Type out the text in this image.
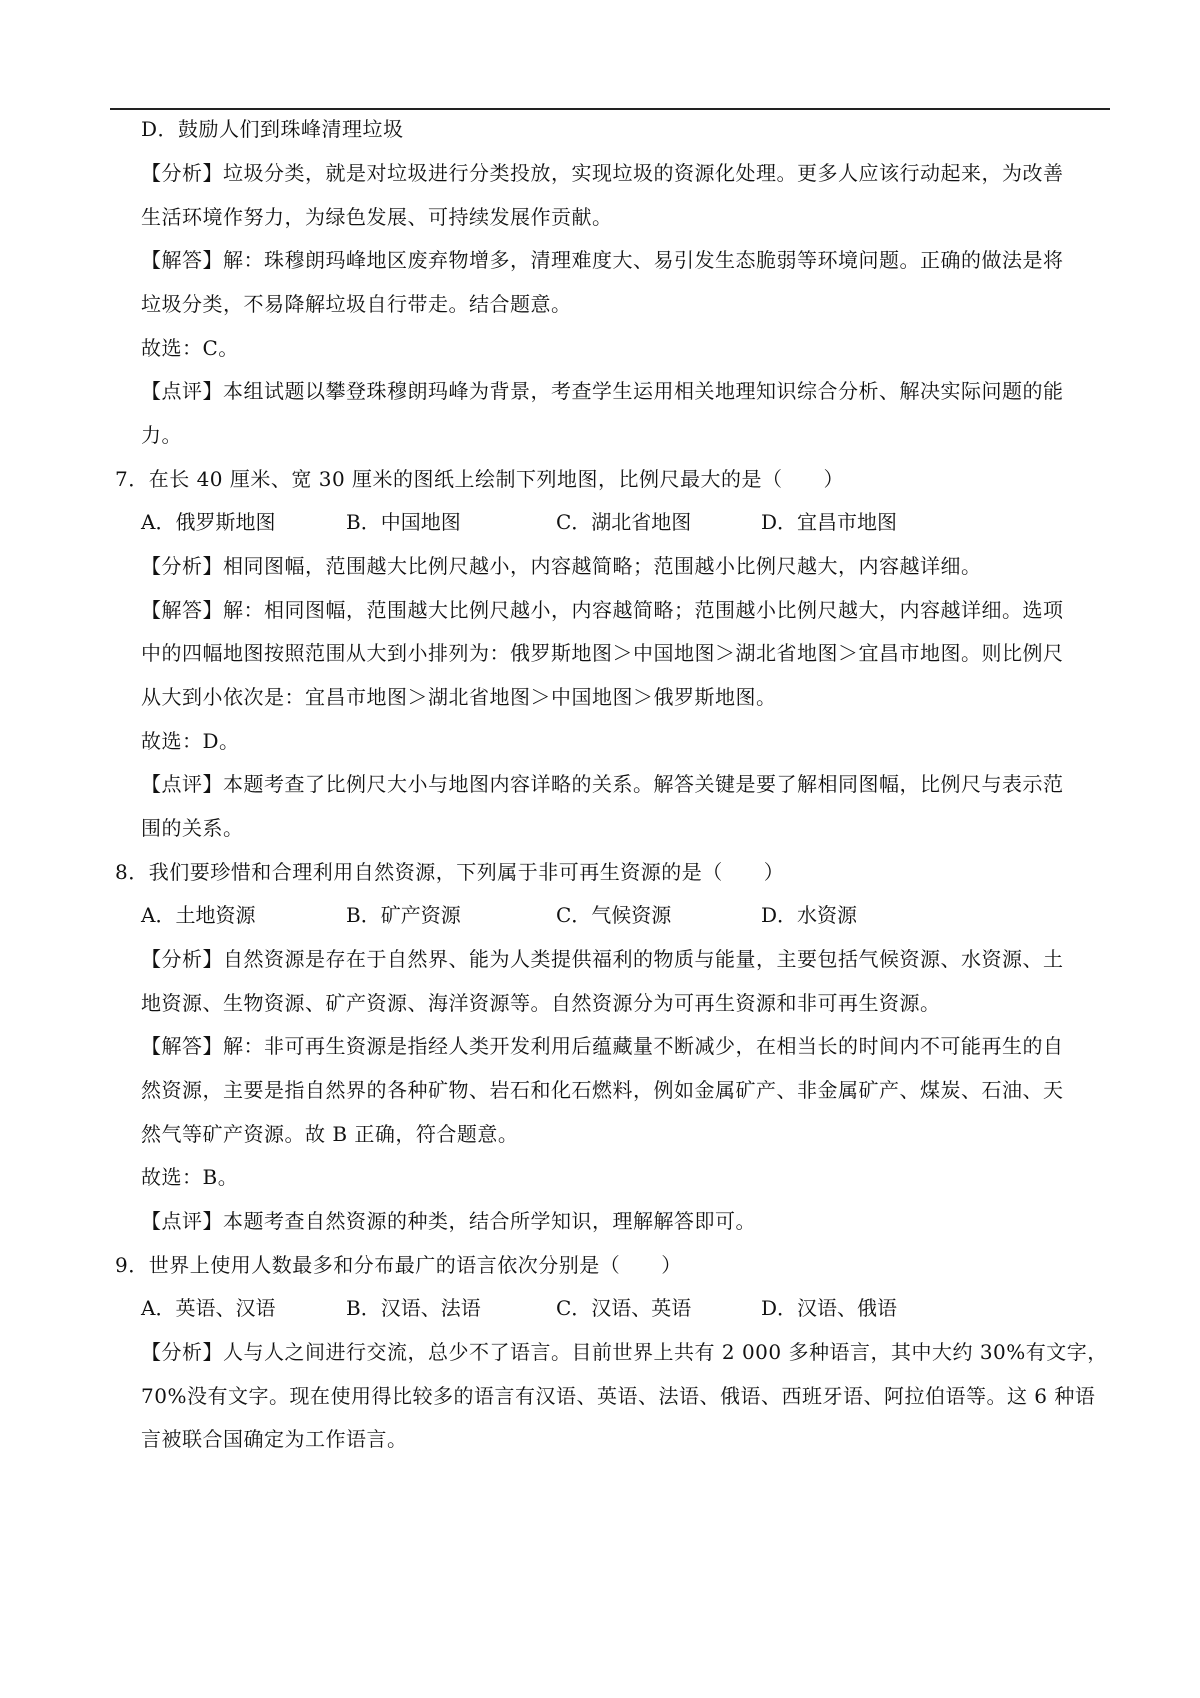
D．鼓励人们到珠峰清理垃圾
【分析】垃圾分类，就是对垃圾进行分类投放，实现垃圾的资源化处理。更多人应该行动起来，为改善
生活环境作努力，为绿色发展、可持续发展作贡献。
【解答】解：珠穆朗玛峰地区废弃物增多，清理难度大、易引发生态脆弱等环境问题。正确的做法是将
垃圾分类，不易降解垃圾自行带走。结合题意。
故选：C。
【点评】本组试题以攀登珠穆朗玛峰为背景，考查学生运用相关地理知识综合分析、解决实际问题的能
力。
7．在长 40 厘米、宽 30 厘米的图纸上绘制下列地图，比例尺最大的是（　　）
A．俄罗斯地图	B．中国地图	C．湖北省地图	D．宜昌市地图
【分析】相同图幅，范围越大比例尺越小，内容越简略；范围越小比例尺越大，内容越详细。
【解答】解：相同图幅，范围越大比例尺越小，内容越简略；范围越小比例尺越大，内容越详细。选项
中的四幅地图按照范围从大到小排列为：俄罗斯地图＞中国地图＞湖北省地图＞宜昌市地图。则比例尺
从大到小依次是：宜昌市地图＞湖北省地图＞中国地图＞俄罗斯地图。
故选：D。
【点评】本题考查了比例尺大小与地图内容详略的关系。解答关键是要了解相同图幅，比例尺与表示范
围的关系。
8．我们要珍惜和合理利用自然资源，下列属于非可再生资源的是（　　）
A．土地资源	B．矿产资源	C．气候资源	D．水资源
【分析】自然资源是存在于自然界、能为人类提供福利的物质与能量，主要包括气候资源、水资源、土
地资源、生物资源、矿产资源、海洋资源等。自然资源分为可再生资源和非可再生资源。
【解答】解：非可再生资源是指经人类开发利用后蕴藏量不断减少，在相当长的时间内不可能再生的自
然资源，主要是指自然界的各种矿物、岩石和化石燃料，例如金属矿产、非金属矿产、煤炭、石油、天
然气等矿产资源。故 B 正确，符合题意。
故选：B。
【点评】本题考查自然资源的种类，结合所学知识，理解解答即可。
9．世界上使用人数最多和分布最广的语言依次分别是（　　）
A．英语、汉语	B．汉语、法语	C．汉语、英语	D．汉语、俄语
【分析】人与人之间进行交流，总少不了语言。目前世界上共有 2 000 多种语言，其中大约 30%有文字，
70%没有文字。现在使用得比较多的语言有汉语、英语、法语、俄语、西班牙语、阿拉伯语等。这 6 种语
言被联合国确定为工作语言。
